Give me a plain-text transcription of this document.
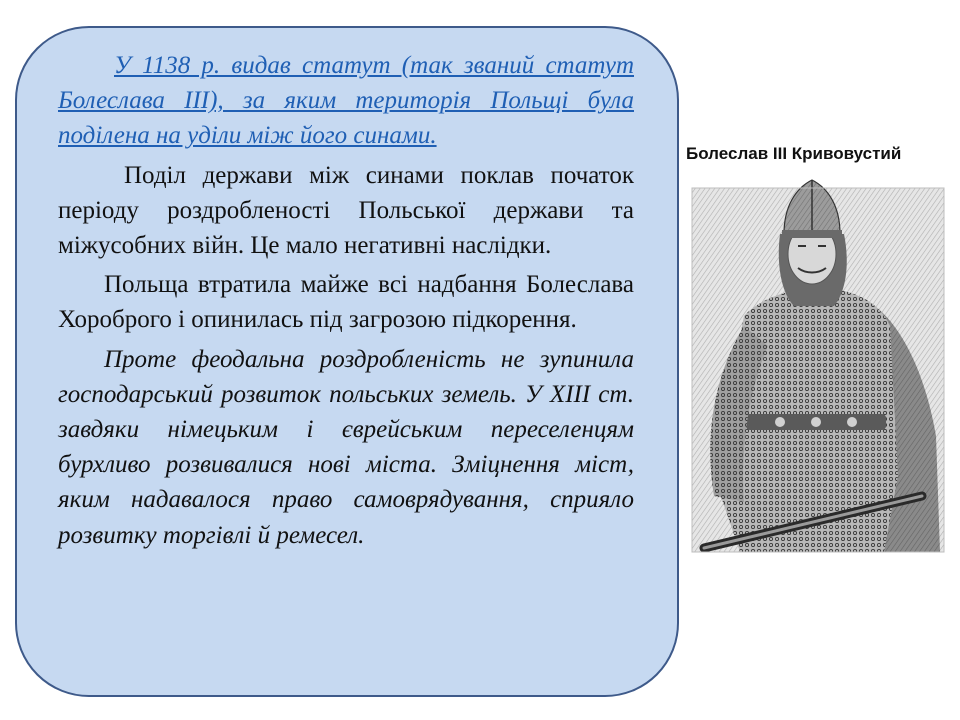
У 1138 р. видав статут (так званий статут Болеслава ІІІ), за яким територія Польщі була поділена на уділи між його синами.

Поділ держави між синами поклав початок періоду роздробленості Польської держави та міжусобних війн. Це мало негативні наслідки.

Польща втратила майже всі надбання Болеслава Хороброго і опинилась під загрозою підкорення.

Проте феодальна роздробленість не зупинила господарський розвиток польських земель. У ХІІІ ст. завдяки німецьким і єврейським переселенцям бурхливо розвивалися нові міста. Зміцнення міст, яким надавалося право самоврядування, сприяло розвитку торгівлі й ремесел.

Болеслав ІІІ Кривовустий
